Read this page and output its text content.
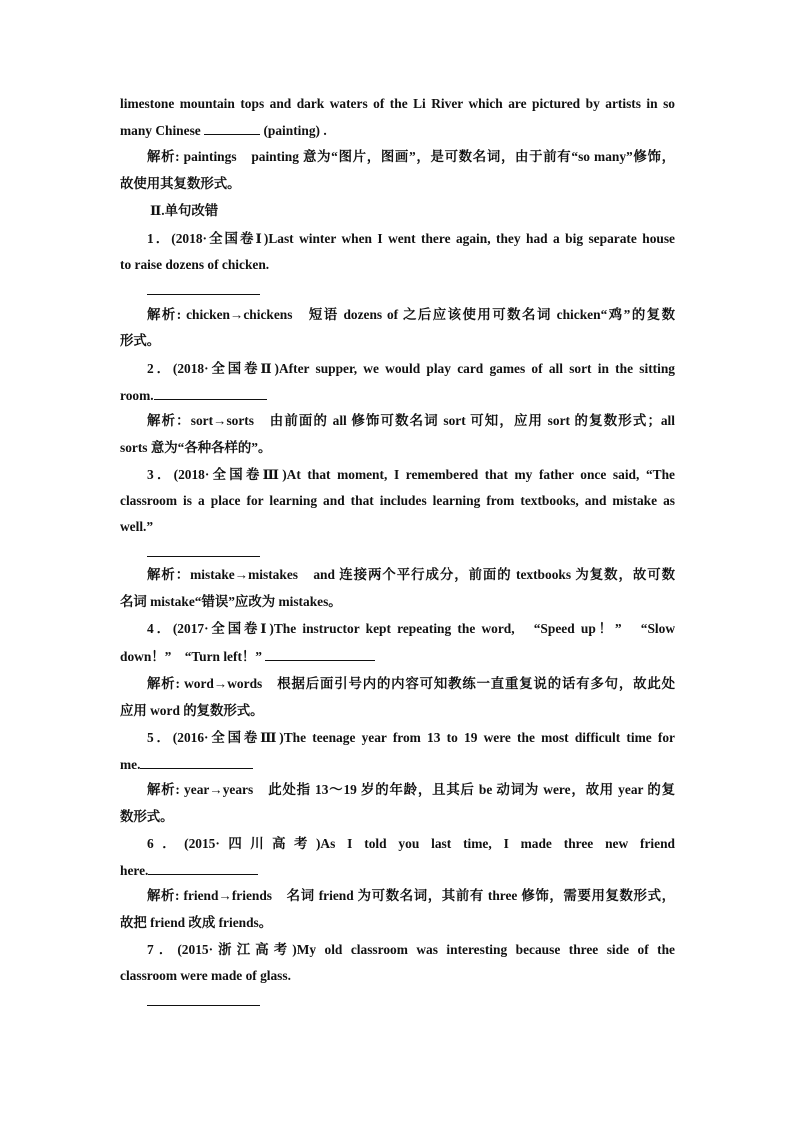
limestone mountain tops and dark waters of the Li River which are pictured by artists in so
many Chinese	(painting) .
解析: paintings　painting 意为“图片，图画”，是可数名词，由于前有“so many”修饰，
故使用其复数形式。
Ⅱ.单句改错
1．(2018·全国卷Ⅰ)Last winter when I went there again, they had a big separate house
to raise dozens of chicken.
解析: chicken→chickens　短语 dozens of 之后应该使用可数名词 chicken“鸡”的复数
形式。
2．(2018·全国卷Ⅱ)After supper, we would play card games of all sort in the sitting
room.
解析：sort→sorts　由前面的 all 修饰可数名词 sort 可知，应用 sort 的复数形式；all
sorts 意为“各种各样的”。
3．(2018·全国卷Ⅲ)At that moment, I remembered that my father once said, “The
classroom is a place for learning and that includes learning from textbooks, and mistake as
well.”
解析：mistake→mistakes　and 连接两个平行成分，前面的 textbooks 为复数，故可数
名词 mistake“错误”应改为 mistakes。
4．(2017·全国卷Ⅰ)The instructor kept repeating the word,　“Speed up！”　“Slow
down！”　“Turn left！”
解析: word→words　根据后面引号内的内容可知教练一直重复说的话有多句，故此处
应用 word 的复数形式。
5．(2016·全国卷Ⅲ)The teenage year from 13 to 19 were the most difficult time for
me.
解析: year→years　此处指 13～19 岁的年龄，且其后 be 动词为 were，故用 year 的复
数形式。
6．(2015·四川高考)As I told you last time, I made three new friend
here.
解析: friend→friends　名词 friend 为可数名词，其前有 three 修饰，需要用复数形式，
故把 friend 改成 friends。
7．(2015·浙江高考)My old classroom was interesting because three side of the
classroom were made of glass.
